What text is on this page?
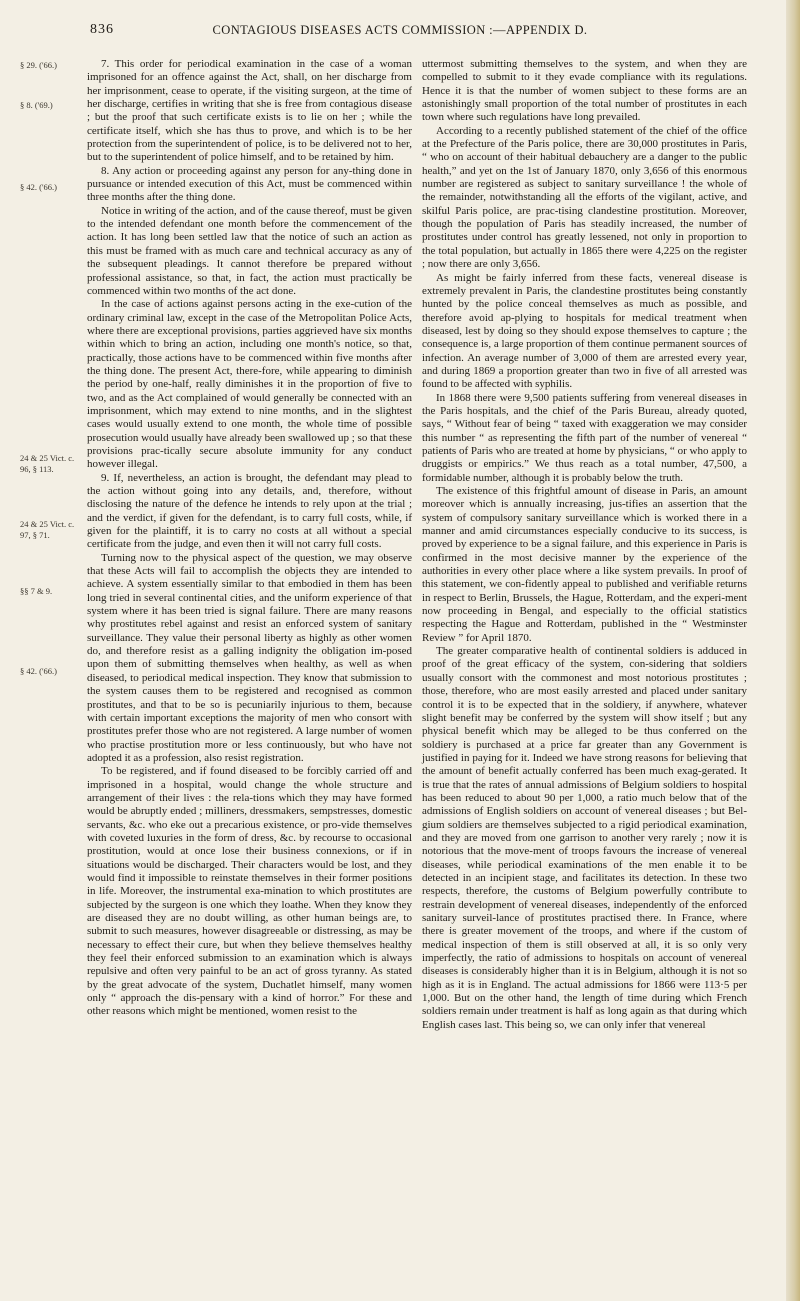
836	CONTAGIOUS DISEASES ACTS COMMISSION :—APPENDIX D.
§ 29. ('66.)
§ 8. ('69.)
§ 42. ('66.)
24 & 25 Vict. c. 96, § 113.
24 & 25 Vict. c. 97, § 71.
§§ 7 & 9.
§ 42. ('66.)

7. This order for periodical examination in the case of a woman imprisoned for an offence against the Act, shall, on her discharge from her imprisonment, cease to operate, if the visiting surgeon, at the time of her discharge, certifies in writing that she is free from contagious disease ; but the proof that such certificate exists is to lie on her ; while the certificate itself, which she has thus to prove, and which is to be her protection from the superintendent of police, is to be delivered not to her, but to the superintendent of police himself, and to be retained by him.

8. Any action or proceeding against any person for any-thing done in pursuance or intended execution of this Act, must be commenced within three months after the thing done.

Notice in writing of the action, and of the cause thereof, must be given to the intended defendant one month before the commencement of the action. It has long been settled law that the notice of such an action as this must be framed with as much care and technical accuracy as any of the subsequent pleadings. It cannot therefore be prepared without professional assistance, so that, in fact, the action must practically be commenced within two months of the act done.

In the case of actions against persons acting in the exe-cution of the ordinary criminal law, except in the case of the Metropolitan Police Acts, where there are exceptional provisions, parties aggrieved have six months within which to bring an action, including one month's notice, so that, practically, those actions have to be commenced within five months after the thing done. The present Act, there-fore, while appearing to diminish the period by one-half, really diminishes it in the proportion of five to two, and as the Act complained of would generally be connected with an imprisonment, which may extend to nine months, and in the slightest cases would usually extend to one month, the whole time of possible prosecution would usually have already been swallowed up ; so that these provisions prac-tically secure absolute immunity for any conduct however illegal.

9. If, nevertheless, an action is brought, the defendant may plead to the action without going into any details, and, therefore, without disclosing the nature of the defence he intends to rely upon at the trial ; and the verdict, if given for the defendant, is to carry full costs, while, if given for the plaintiff, it is to carry no costs at all without a special certificate from the judge, and even then it will not carry full costs.

Turning now to the physical aspect of the question, we may observe that these Acts will fail to accomplish the objects they are intended to achieve. A system essentially similar to that embodied in them has been long tried in several continental cities, and the uniform experience of that system where it has been tried is signal failure. There are many reasons why prostitutes rebel against and resist an enforced system of sanitary surveillance. They value their personal liberty as highly as other women do, and therefore resist as a galling indignity the obligation im-posed upon them of submitting themselves when healthy, as well as when diseased, to periodical medical inspection. They know that submission to the system causes them to be registered and recognised as common prostitutes, and that to be so is pecuniarily injurious to them, because with certain important exceptions the majority of men who consort with prostitutes prefer those who are not registered. A large number of women who practise prostitution more or less continuously, but who have not adopted it as a profession, also resist registration.

To be registered, and if found diseased to be forcibly carried off and imprisoned in a hospital, would change the whole structure and arrangement of their lives : the rela-tions which they may have formed would be abruptly ended ; milliners, dressmakers, sempstresses, domestic servants, &c. who eke out a precarious existence, or pro-vide themselves with coveted luxuries in the form of dress, &c. by recourse to occasional prostitution, would at once lose their business connexions, or if in situations would be discharged. Their characters would be lost, and they would find it impossible to reinstate themselves in their former positions in life. Moreover, the instrumental exa-mination to which prostitutes are subjected by the surgeon is one which they loathe. When they know they are diseased they are no doubt willing, as other human beings are, to submit to such measures, however disagreeable or distressing, as may be necessary to effect their cure, but when they believe themselves healthy they feel their enforced submission to an examination which is always repulsive and often very painful to be an act of gross tyranny. As stated by the great advocate of the system, Duchatlet himself, many women only “ approach the dis-pensary with a kind of horror.” For these and other reasons which might be mentioned, women resist to the

uttermost submitting themselves to the system, and when they are compelled to submit to it they evade compliance with its regulations. Hence it is that the number of women subject to these forms are an astonishingly small proportion of the total number of prostitutes in each town where such regulations have long prevailed.

According to a recently published statement of the chief of the office at the Prefecture of the Paris police, there are 30,000 prostitutes in Paris, “ who on account of their habitual debauchery are a danger to the public health,” and yet on the 1st of January 1870, only 3,656 of this enormous number are registered as subject to sanitary surveillance ! the whole of the remainder, notwithstanding all the efforts of the vigilant, active, and skilful Paris police, are prac-tising clandestine prostitution. Moreover, though the population of Paris has steadily increased, the number of prostitutes under control has greatly lessened, not only in proportion to the total population, but actually in 1865 there were 4,225 on the register ; now there are only 3,656.

As might be fairly inferred from these facts, venereal disease is extremely prevalent in Paris, the clandestine prostitutes being constantly hunted by the police conceal themselves as much as possible, and therefore avoid ap-plying to hospitals for medical treatment when diseased, lest by doing so they should expose themselves to capture ; the consequence is, a large proportion of them continue permanent sources of infection. An average number of 3,000 of them are arrested every year, and during 1869 a proportion greater than two in five of all arrested was found to be affected with syphilis.

In 1868 there were 9,500 patients suffering from venereal diseases in the Paris hospitals, and the chief of the Paris Bureau, already quoted, says, “ Without fear of being “ taxed with exaggeration we may consider this number “ as representing the fifth part of the number of venereal “ patients of Paris who are treated at home by physicians, “ or who apply to druggists or empirics.” We thus reach as a total number, 47,500, a formidable number, although it is probably below the truth.

The existence of this frightful amount of disease in Paris, an amount moreover which is annually increasing, jus-tifies an assertion that the system of compulsory sanitary surveillance which is worked there in a manner and amid circumstances especially conducive to its success, is proved by experience to be a signal failure, and this experience in Paris is confirmed in the most decisive manner by the experience of the authorities in every other place where a like system prevails. In proof of this statement, we con-fidently appeal to published and verifiable returns in respect to Berlin, Brussels, the Hague, Rotterdam, and the experi-ment now proceeding in Bengal, and especially to the official statistics respecting the Hague and Rotterdam, published in the “ Westminster Review ” for April 1870.

The greater comparative health of continental soldiers is adduced in proof of the great efficacy of the system, con-sidering that soldiers usually consort with the commonest and most notorious prostitutes ; those, therefore, who are most easily arrested and placed under sanitary control it is to be expected that in the soldiery, if anywhere, whatever slight benefit may be conferred by the system will show itself ; but any physical benefit which may be alleged to be thus conferred on the soldiery is purchased at a price far greater than any Government is justified in paying for it. Indeed we have strong reasons for believing that the amount of benefit actually conferred has been much exag-gerated. It is true that the rates of annual admissions of Belgium soldiers to hospital has been reduced to about 90 per 1,000, a ratio much below that of the admissions of English soldiers on account of venereal diseases ; but Bel-gium soldiers are themselves subjected to a rigid periodical examination, and they are moved from one garrison to another very rarely ; now it is notorious that the move-ment of troops favours the increase of venereal diseases, while periodical examinations of the men enable it to be detected in an incipient stage, and facilitates its detection. In these two respects, therefore, the customs of Belgium powerfully contribute to restrain development of venereal diseases, independently of the enforced sanitary surveil-lance of prostitutes practised there. In France, where there is greater movement of the troops, and where if the custom of medical inspection of them is still observed at all, it is so only very imperfectly, the ratio of admissions to hospitals on account of venereal diseases is considerably higher than it is in Belgium, although it is not so high as it is in England. The actual admissions for 1866 were 113·5 per 1,000. But on the other hand, the length of time during which French soldiers remain under treatment is half as long again as that during which English cases last. This being so, we can only infer that venereal
